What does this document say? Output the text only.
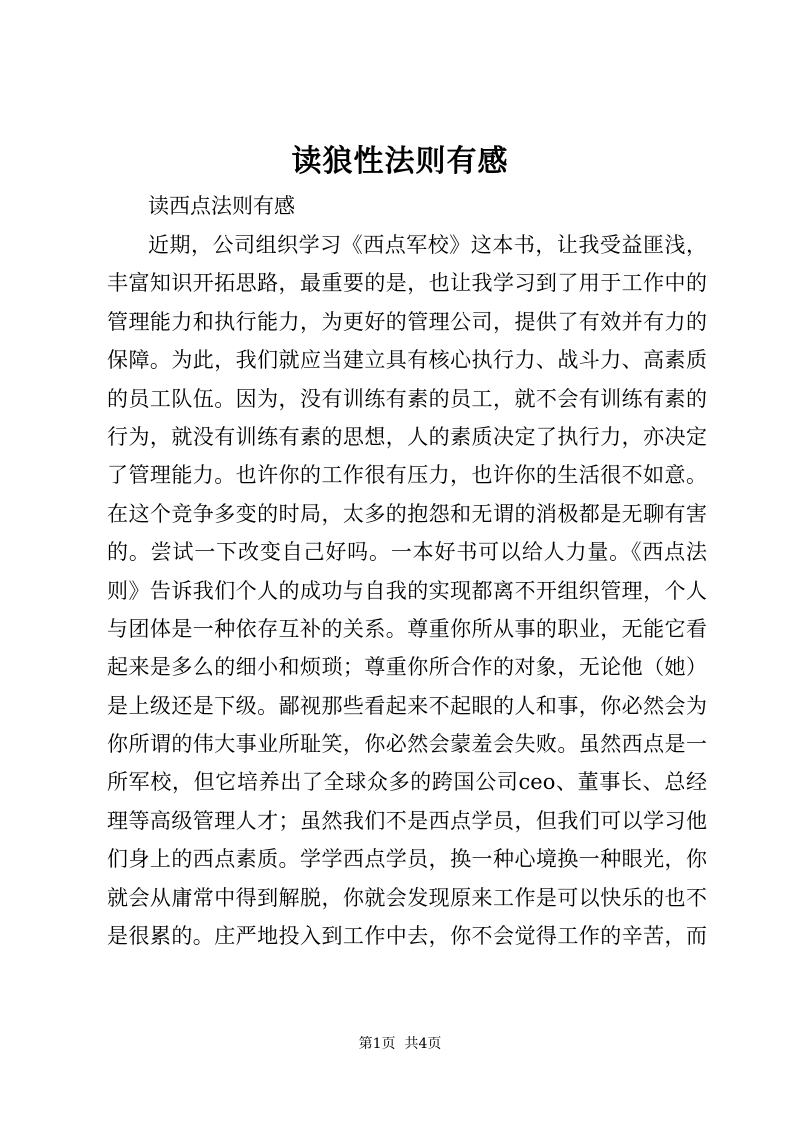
读狼性法则有感

读西点法则有感

近期，公司组织学习《西点军校》这本书，让我受益匪浅，
丰富知识开拓思路，最重要的是，也让我学习到了用于工作中的
管理能力和执行能力，为更好的管理公司，提供了有效并有力的
保障。为此，我们就应当建立具有核心执行力、战斗力、高素质
的员工队伍。因为，没有训练有素的员工，就不会有训练有素的
行为，就没有训练有素的思想，人的素质决定了执行力，亦决定
了管理能力。也许你的工作很有压力，也许你的生活很不如意。
在这个竞争多变的时局，太多的抱怨和无谓的消极都是无聊有害
的。尝试一下改变自己好吗。一本好书可以给人力量。《西点法
则》告诉我们个人的成功与自我的实现都离不开组织管理，个人
与团体是一种依存互补的关系。尊重你所从事的职业，无能它看
起来是多么的细小和烦琐；尊重你所合作的对象，无论他（她）
是上级还是下级。鄙视那些看起来不起眼的人和事，你必然会为
你所谓的伟大事业所耻笑，你必然会蒙羞会失败。虽然西点是一
所军校，但它培养出了全球众多的跨国公司ceo、董事长、总经
理等高级管理人才；虽然我们不是西点学员，但我们可以学习他
们身上的西点素质。学学西点学员，换一种心境换一种眼光，你
就会从庸常中得到解脱，你就会发现原来工作是可以快乐的也不
是很累的。庄严地投入到工作中去，你不会觉得工作的辛苦，而
第1页  共4页
